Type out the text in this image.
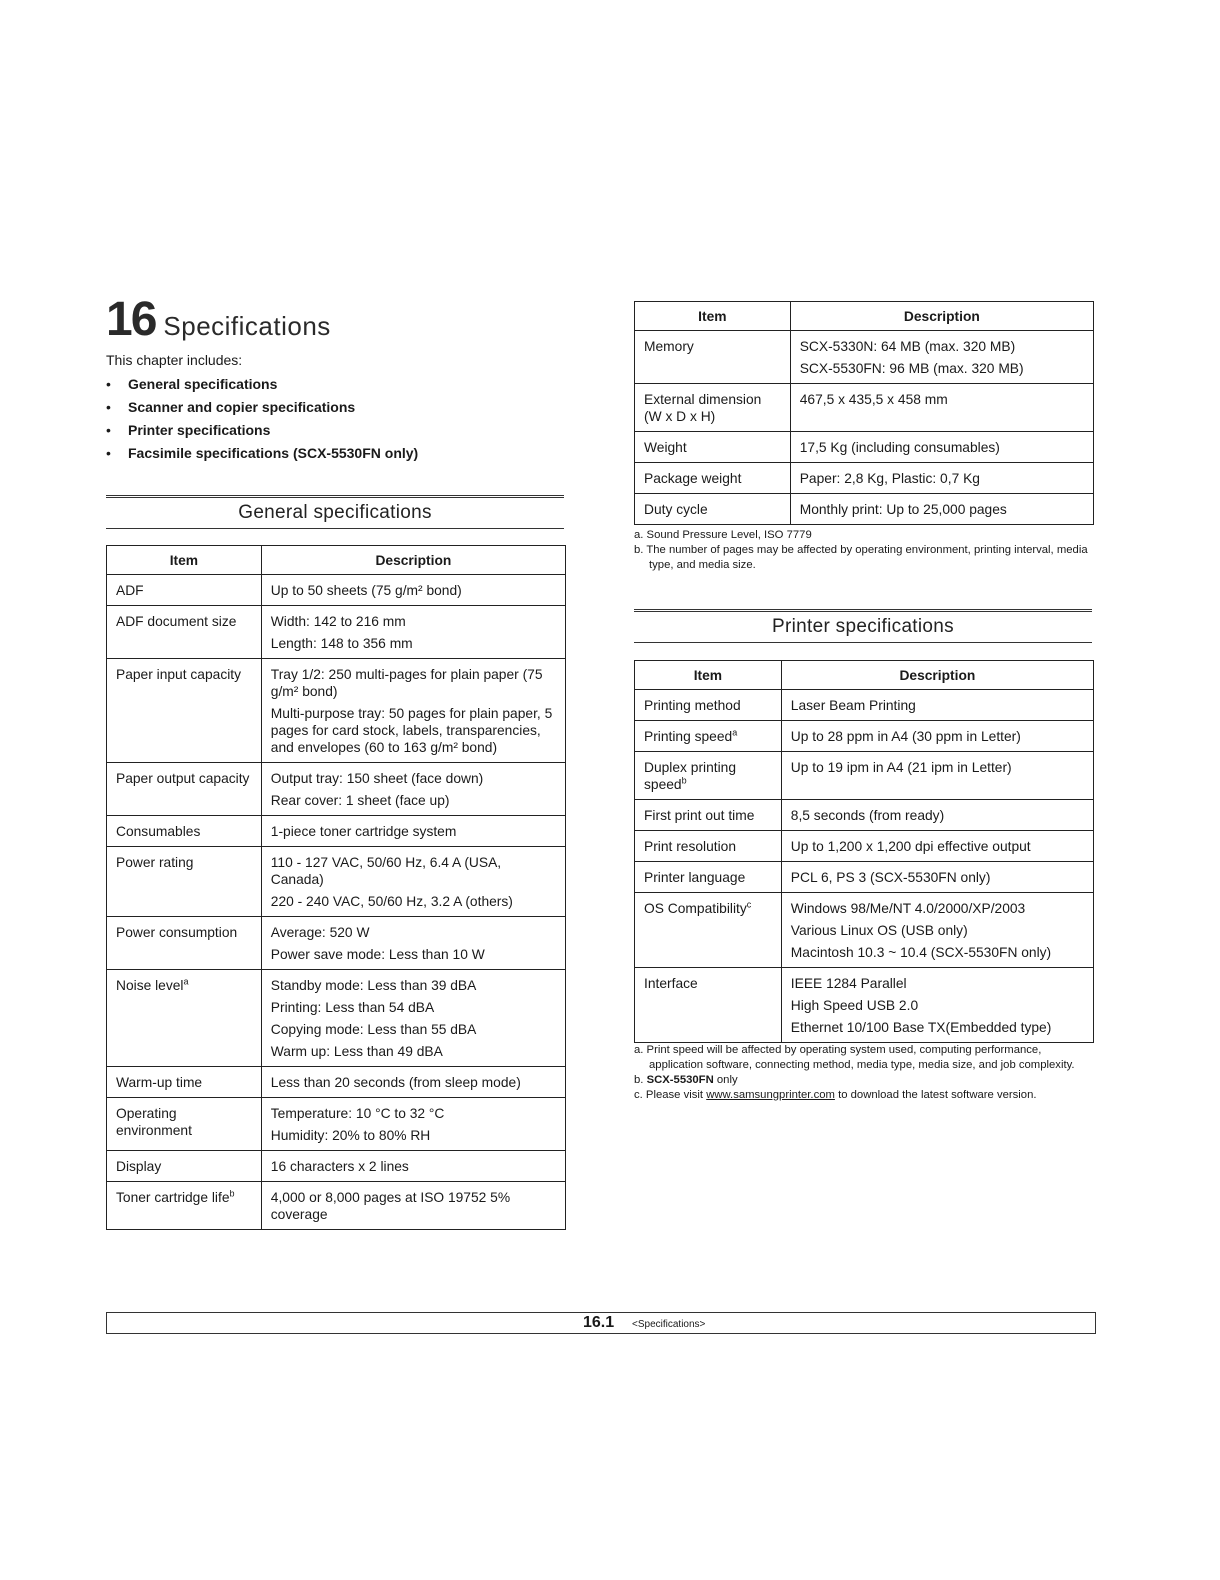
16 Specifications
This chapter includes:
• General specifications
• Scanner and copier specifications
• Printer specifications
• Facsimile specifications (SCX-5530FN only)
General specifications
Item	Description
ADF	Up to 50 sheets (75 g/m² bond)

ADF document size	Width: 142 to 216 mm
Length: 148 to 356 mm

Paper input capacity	Tray 1/2: 250 multi-pages for plain paper (75 g/m² bond)
Multi-purpose tray: 50 pages for plain paper, 5 pages for card stock, labels, transparencies, and envelopes (60 to 163 g/m² bond)

Paper output capacity	Output tray: 150 sheet (face down)
Rear cover: 1 sheet (face up)

Consumables	1-piece toner cartridge system

Power rating	110 - 127 VAC, 50/60 Hz, 6.4 A (USA, Canada)
220 - 240 VAC, 50/60 Hz, 3.2 A (others)

Power consumption	Average: 520 W
Power save mode: Less than 10 W

Noise level$^a$	Standby mode: Less than 39 dBA
Printing: Less than 54 dBA
Copying mode: Less than 55 dBA
Warm up: Less than 49 dBA

Warm-up time	Less than 20 seconds (from sleep mode)

Operating environment	Temperature: 10 °C to 32 °C
Humidity: 20% to 80% RH

Display	16 characters x 2 lines

Toner cartridge life$^b$	4,000 or 8,000 pages at ISO 19752 5% coverage
Item	Description
Memory	SCX-5330N: 64 MB (max. 320 MB)
SCX-5530FN: 96 MB (max. 320 MB)

External dimension (W x D x H)	467,5 x 435,5 x 458 mm

Weight	17,5 Kg (including consumables)

Package weight	Paper: 2,8 Kg, Plastic: 0,7 Kg

Duty cycle	Monthly print: Up to 25,000 pages
a. Sound Pressure Level, ISO 7779
b. The number of pages may be affected by operating environment, printing interval, media type, and media size.
Printer specifications
Item	Description
Printing method	Laser Beam Printing

Printing speed$^a$	Up to 28 ppm in A4 (30 ppm in Letter)

Duplex printing speed$^b$	Up to 19 ipm in A4 (21 ipm in Letter)

First print out time	8,5 seconds (from ready)

Print resolution	Up to 1,200 x 1,200 dpi effective output

Printer language	PCL 6, PS 3 (SCX-5530FN only)

OS Compatibility$^c$	Windows 98/Me/NT 4.0/2000/XP/2003
Various Linux OS (USB only)
Macintosh 10.3 ~ 10.4 (SCX-5530FN only)

Interface	IEEE 1284 Parallel
High Speed USB 2.0
Ethernet 10/100 Base TX(Embedded type)
a. Print speed will be affected by operating system used, computing performance, application software, connecting method, media type, media size, and job complexity.
b. SCX-5530FN only
c. Please visit www.samsungprinter.com to download the latest software version.
16.1 <Specifications>
